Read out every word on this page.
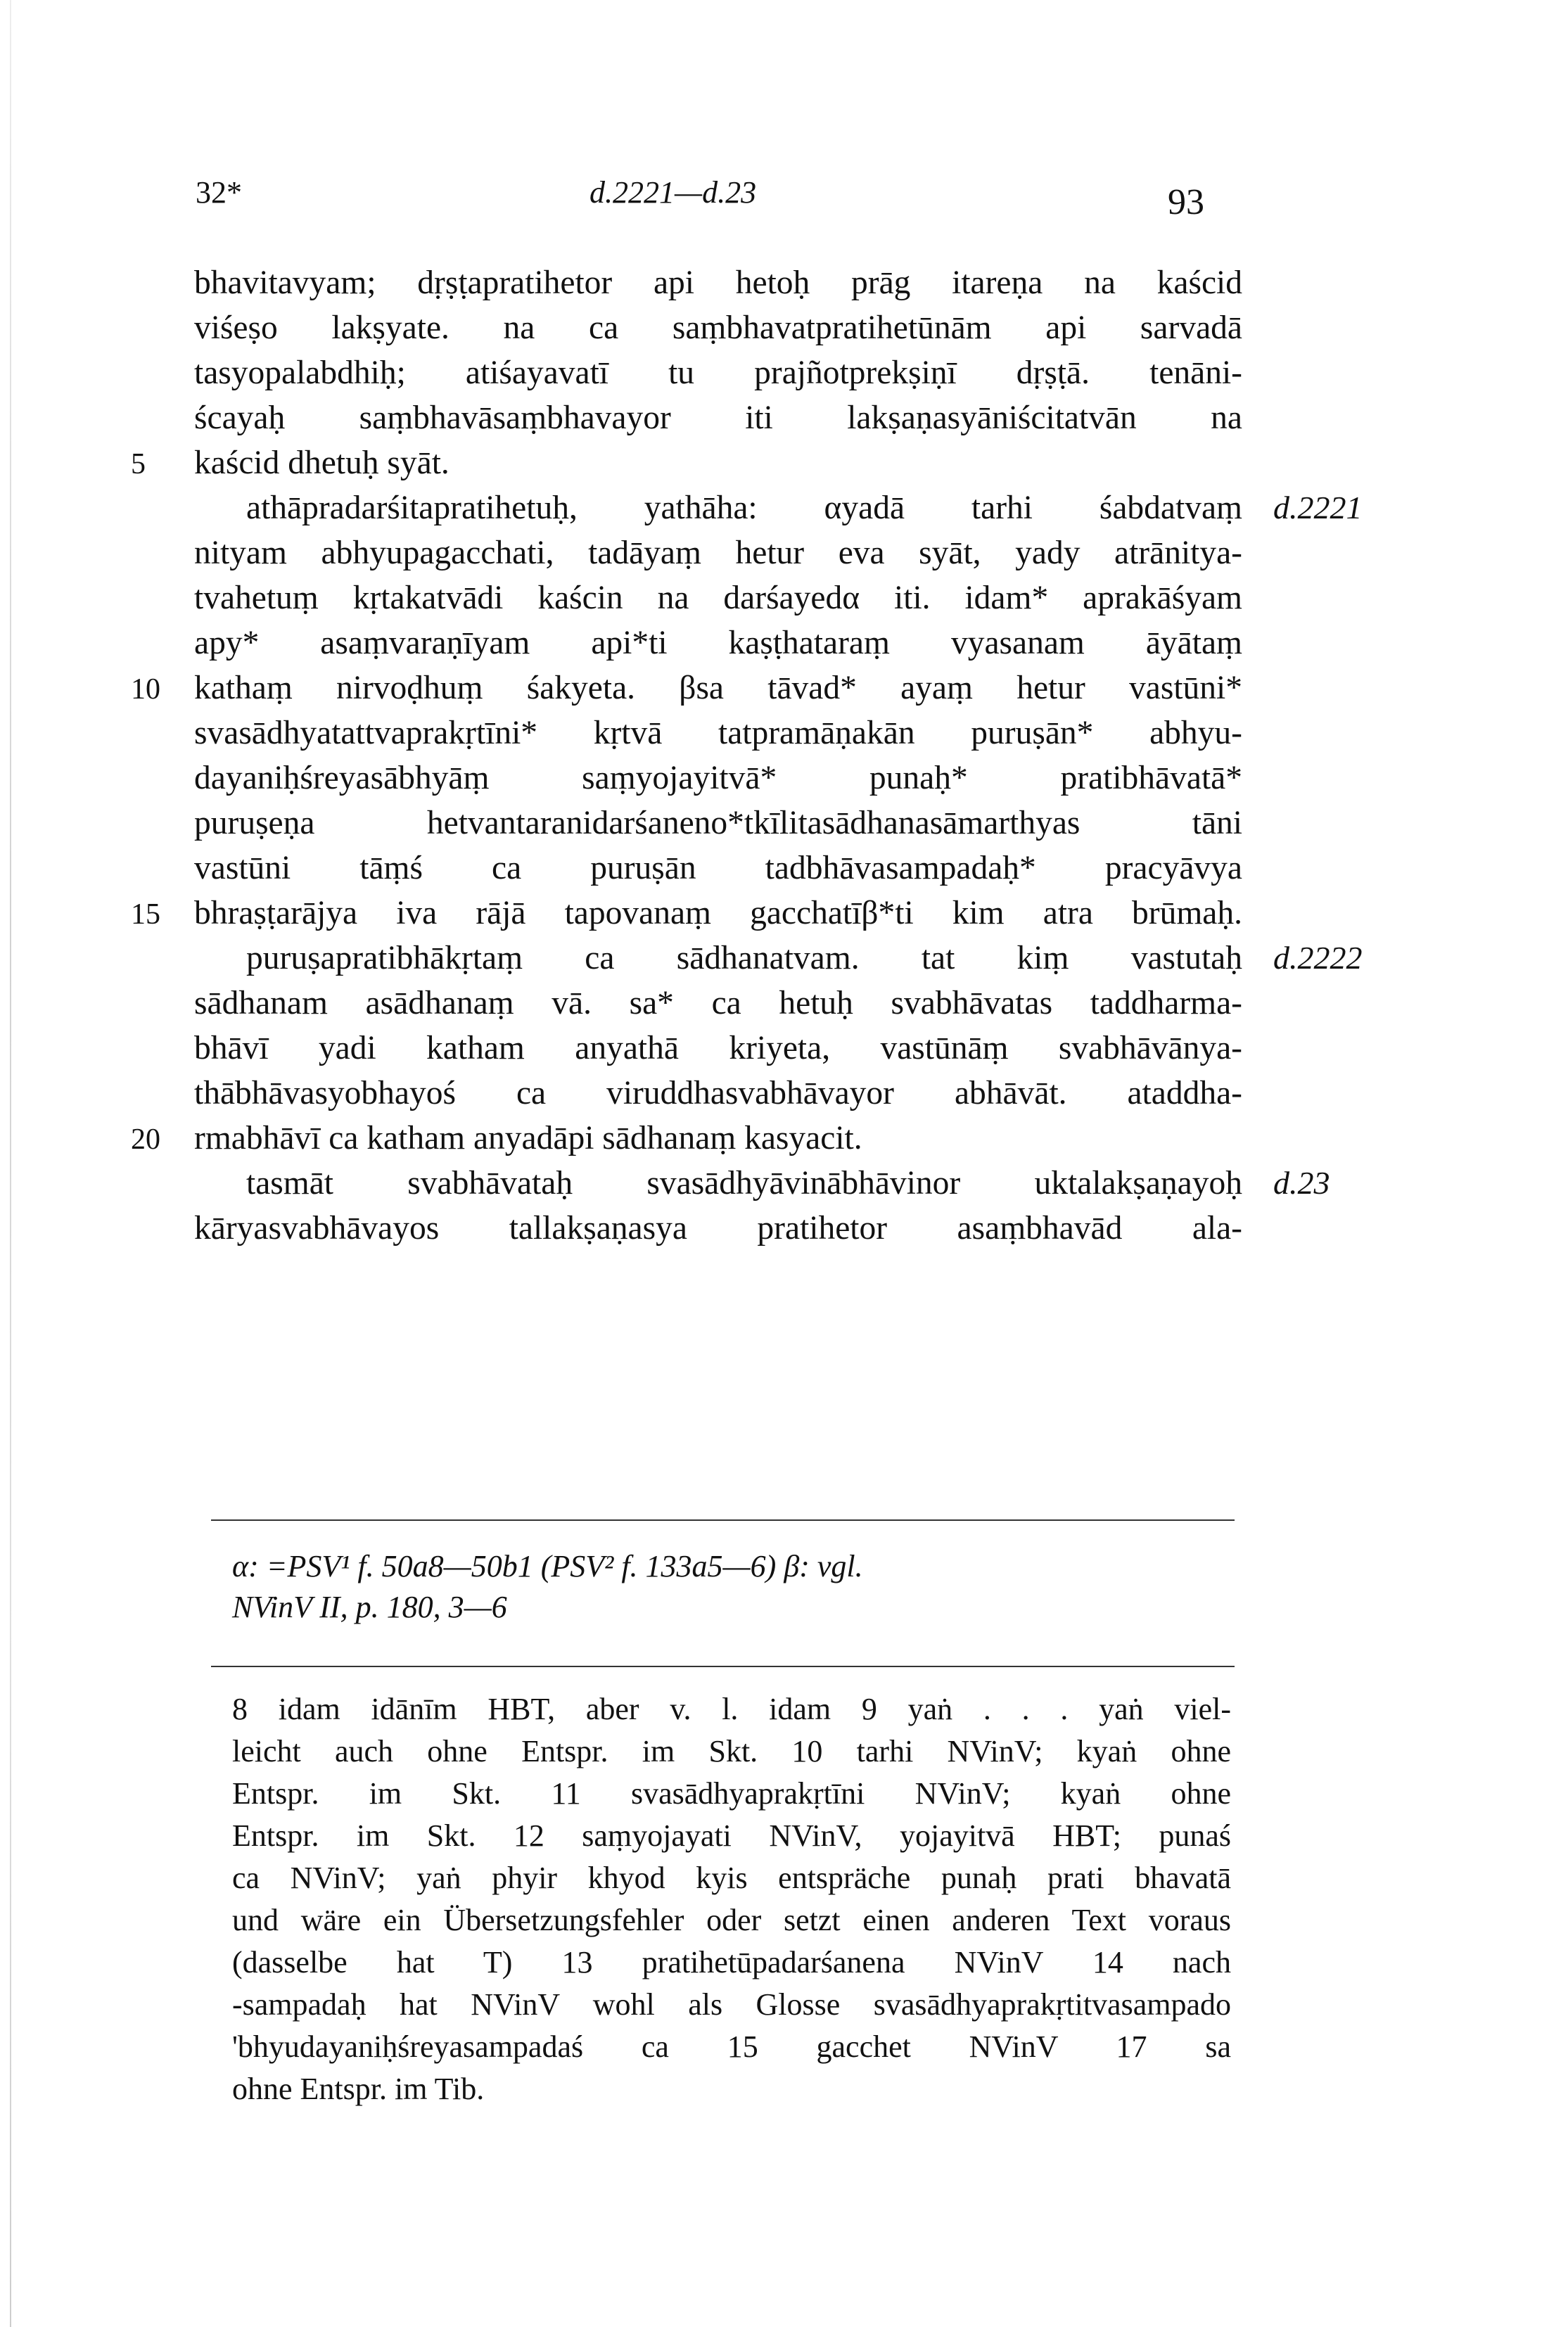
32*	d.2221—d.23	93
bhavitavyam; dṛṣṭapratihetor api hetoḥ prāg itareṇa na kaścid
viśeṣo lakṣyate. na ca saṃbhavatpratihetūnām api sarvadā
tasyopalabdhiḥ; atiśayavatī tu prajñotprekṣiṇī dṛṣṭā. tenāni-
ścayaḥ saṃbhavāsaṃbhavayor iti lakṣaṇasyāniścitatvān na
kaścid dhetuḥ syāt.
athāpradarśitapratihetuḥ, yathāha: αyadā tarhi śabdatvaṃ
nityam abhyupagacchati, tadāyaṃ hetur eva syāt, yady atrānitya-
tvahetuṃ kṛtakatvādi kaścin na darśayedα iti. idam* aprakāśyam
apy* asaṃvaraṇīyam api*ti kaṣṭhataraṃ vyasanam āyātaṃ
kathaṃ nirvoḍhuṃ śakyeta. βsa tāvad* ayaṃ hetur vastūni*
svasādhyatattvaprakṛtīni* kṛtvā tatpramāṇakān puruṣān* abhyu-
dayaniḥśreyasābhyāṃ saṃyojayitvā* punaḥ* pratibhāvatā*
puruṣeṇa hetvantaranidarśaneno*tkīlitasādhanasāmarthyas tāni
vastūni tāṃś ca puruṣān tadbhāvasampadaḥ* pracyāvya
bhraṣṭarājya iva rājā tapovanaṃ gacchatīβ*ti kim atra brūmaḥ.
puruṣapratibhākṛtaṃ ca sādhanatvam. tat kiṃ vastutaḥ
sādhanam asādhanaṃ vā. sa* ca hetuḥ svabhāvatas taddharma-
bhāvī yadi katham anyathā kriyeta, vastūnāṃ svabhāvānya-
thābhāvasyobhayoś ca viruddhasvabhāvayor abhāvāt. ataddha-
rmabhāvī ca katham anyadāpi sādhanaṃ kasyacit.
tasmāt svabhāvataḥ svasādhyāvinābhāvinor uktalakṣaṇayoḥ
kāryasvabhāvayos tallakṣaṇasya pratihetor asaṃbhavād ala-
5
10
15
20
d.2221
d.2222
d.23
α: =PSV¹ f. 50a8—50b1 (PSV² f. 133a5—6) β: vgl.
NVinV II, p. 180, 3—6
8 idam idānīm HBT, aber v. l. idam 9 yaṅ . . . yaṅ viel-
leicht auch ohne Entspr. im Skt. 10 tarhi NVinV; kyaṅ ohne
Entspr. im Skt. 11 svasādhyaprakṛtīni NVinV; kyaṅ ohne
Entspr. im Skt. 12 saṃyojayati NVinV, yojayitvā HBT; punaś
ca NVinV; yaṅ phyir khyod kyis entspräche punaḥ prati bhavatā
und wäre ein Übersetzungsfehler oder setzt einen anderen Text voraus
(dasselbe hat T) 13 pratihetūpadarśanena NVinV 14 nach
-sampadaḥ hat NVinV wohl als Glosse svasādhyaprakṛtitvasampado
'bhyudayaniḥśreyasampadaś ca 15 gacchet NVinV 17 sa
ohne Entspr. im Tib.
